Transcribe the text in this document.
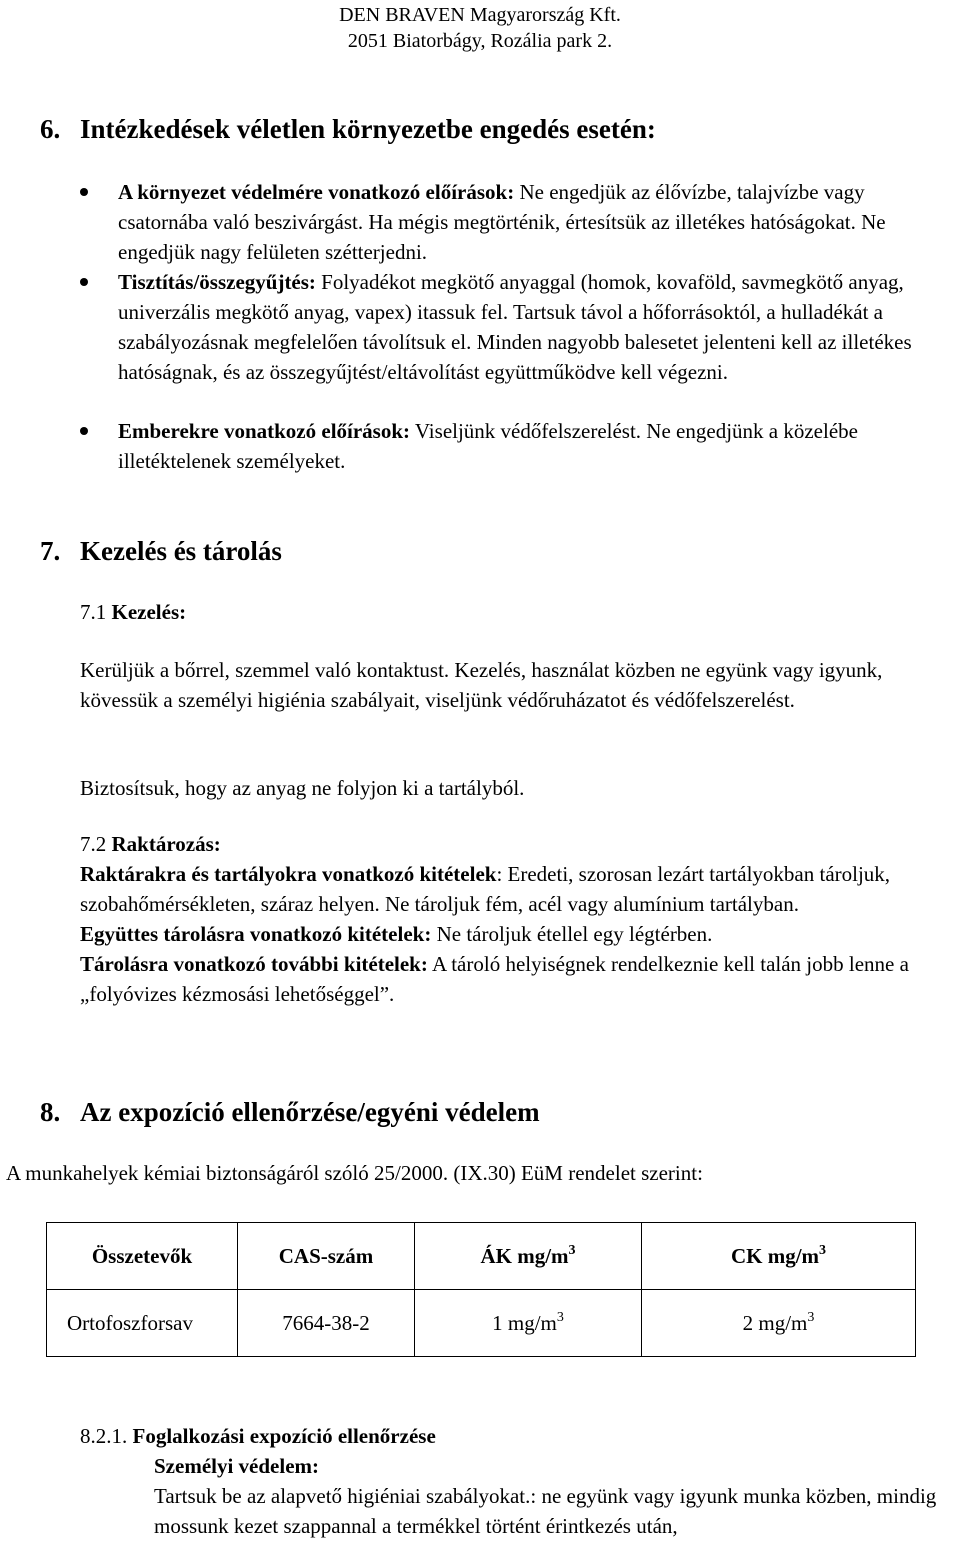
DEN BRAVEN Magyarország Kft.
2051 Biatorbágy, Rozália park 2.
6. Intézkedések véletlen környezetbe engedés esetén:
A környezet védelmére vonatkozó előírások: Ne engedjük az élővízbe, talajvízbe vagy csatornába való beszivárgást. Ha mégis megtörténik, értesítsük az illetékes hatóságokat. Ne engedjük nagy felületen szétterjedni.
Tisztítás/összegyűjtés: Folyadékot megkötő anyaggal (homok, kovaföld, savmegkötő anyag, univerzális megkötő anyag, vapex) itassuk fel. Tartsuk távol a hőforrásoktól, a hulladékát a szabályozásnak megfelelően távolítsuk el. Minden nagyobb balesetet jelenteni kell az illetékes hatóságnak, és az összegyűjtést/eltávolítást együttműködve kell végezni.
Emberekre vonatkozó előírások: Viseljünk védőfelszerelést. Ne engedjünk a közelébe illetéktelenek személyeket.
7. Kezelés és tárolás
7.1 Kezelés:
Kerüljük a bőrrel, szemmel való kontaktust. Kezelés, használat közben ne együnk vagy igyunk, kövessük a személyi higiénia szabályait, viseljünk védőruházatot és védőfelszerelést.
Biztosítsuk, hogy az anyag ne folyjon ki a tartályból.
7.2 Raktározás:
Raktárakra és tartályokra vonatkozó kitételek: Eredeti, szorosan lezárt tartályokban tároljuk, szobahőmérsékleten, száraz helyen. Ne tároljuk fém, acél vagy alumínium tartályban.
Együttes tárolásra vonatkozó kitételek: Ne tároljuk étellel egy légtérben.
Tárolásra vonatkozó további kitételek: A tároló helyiségnek rendelkeznie kell talán jobb lenne a „folyóvizes kézmosási lehetőséggel”.
8. Az expozíció ellenőrzése/egyéni védelem
A munkahelyek kémiai biztonságáról szóló 25/2000. (IX.30) EüM rendelet szerint:
Összetevők	CAS-szám	ÁK $mg/m^3$	CK $mg/m^3$
Ortofoszforsav	7664-38-2	1 $mg/m^3$	2 $mg/m^3$
8.2.1. Foglalkozási expozíció ellenőrzése
Személyi védelem:
Tartsuk be az alapvető higiéniai szabályokat.: ne együnk vagy igyunk munka közben, mindig mossunk kezet szappannal a termékkel történt érintkezés után,
